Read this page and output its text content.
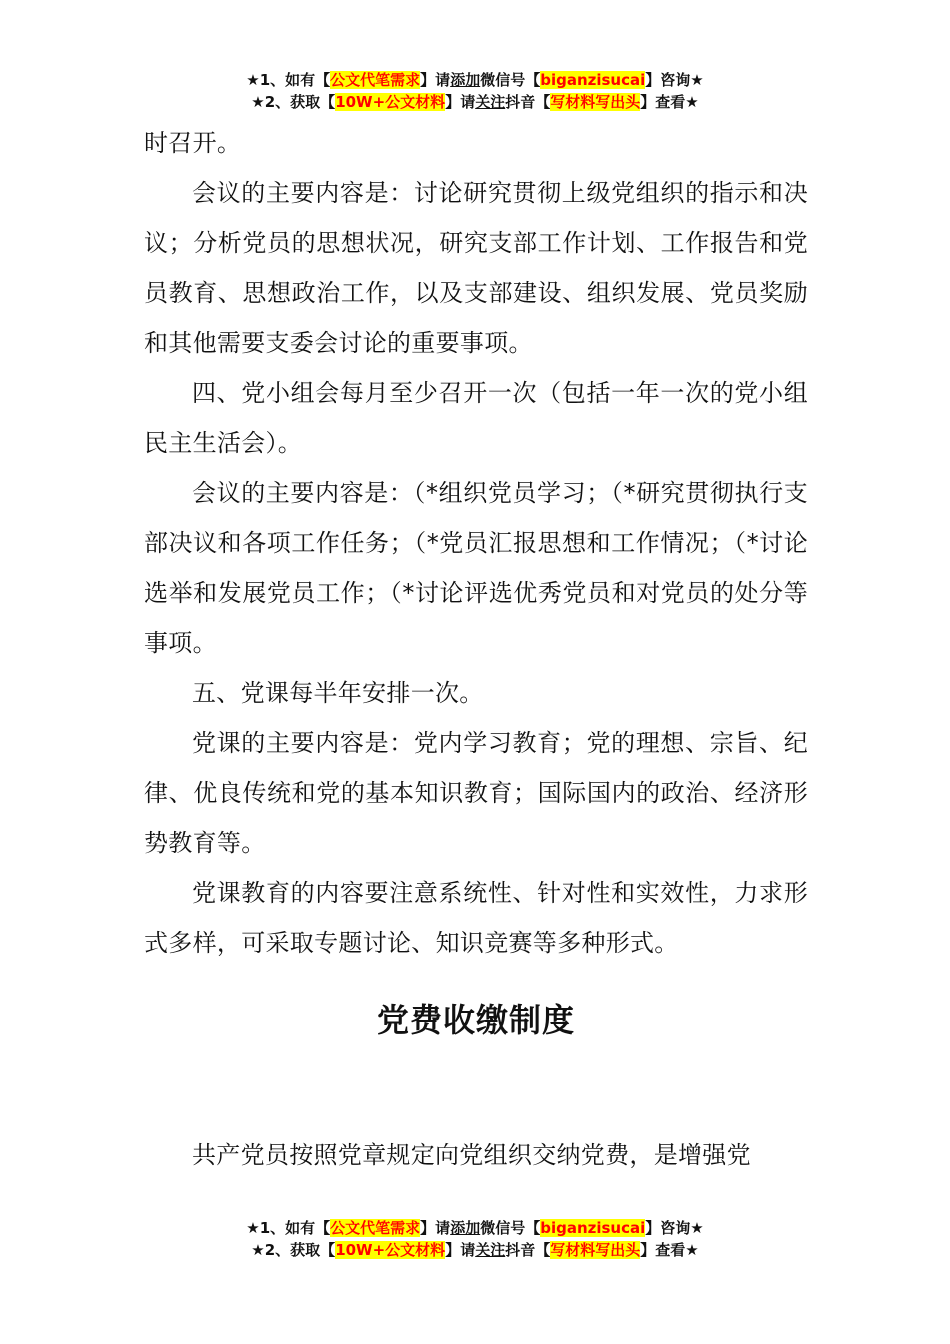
★1、如有【公文代笔需求】请添加微信号【biganzisucai】咨询★
★2、获取【10W+公文材料】请关注抖音【写材料写出头】查看★

时召开。

会议的主要内容是：讨论研究贯彻上级党组织的指示和决议；分析党员的思想状况，研究支部工作计划、工作报告和党员教育、思想政治工作，以及支部建设、组织发展、党员奖励和其他需要支委会讨论的重要事项。

四、党小组会每月至少召开一次（包括一年一次的党小组民主生活会）。

会议的主要内容是：（*组织党员学习；（*研究贯彻执行支部决议和各项工作任务；（*党员汇报思想和工作情况；（*讨论选举和发展党员工作；（*讨论评选优秀党员和对党员的处分等事项。

五、党课每半年安排一次。

党课的主要内容是：党内学习教育；党的理想、宗旨、纪律、优良传统和党的基本知识教育；国际国内的政治、经济形势教育等。

党课教育的内容要注意系统性、针对性和实效性，力求形式多样，可采取专题讨论、知识竞赛等多种形式。

党费收缴制度

共产党员按照党章规定向党组织交纳党费，是增强党

★1、如有【公文代笔需求】请添加微信号【biganzisucai】咨询★
★2、获取【10W+公文材料】请关注抖音【写材料写出头】查看★
